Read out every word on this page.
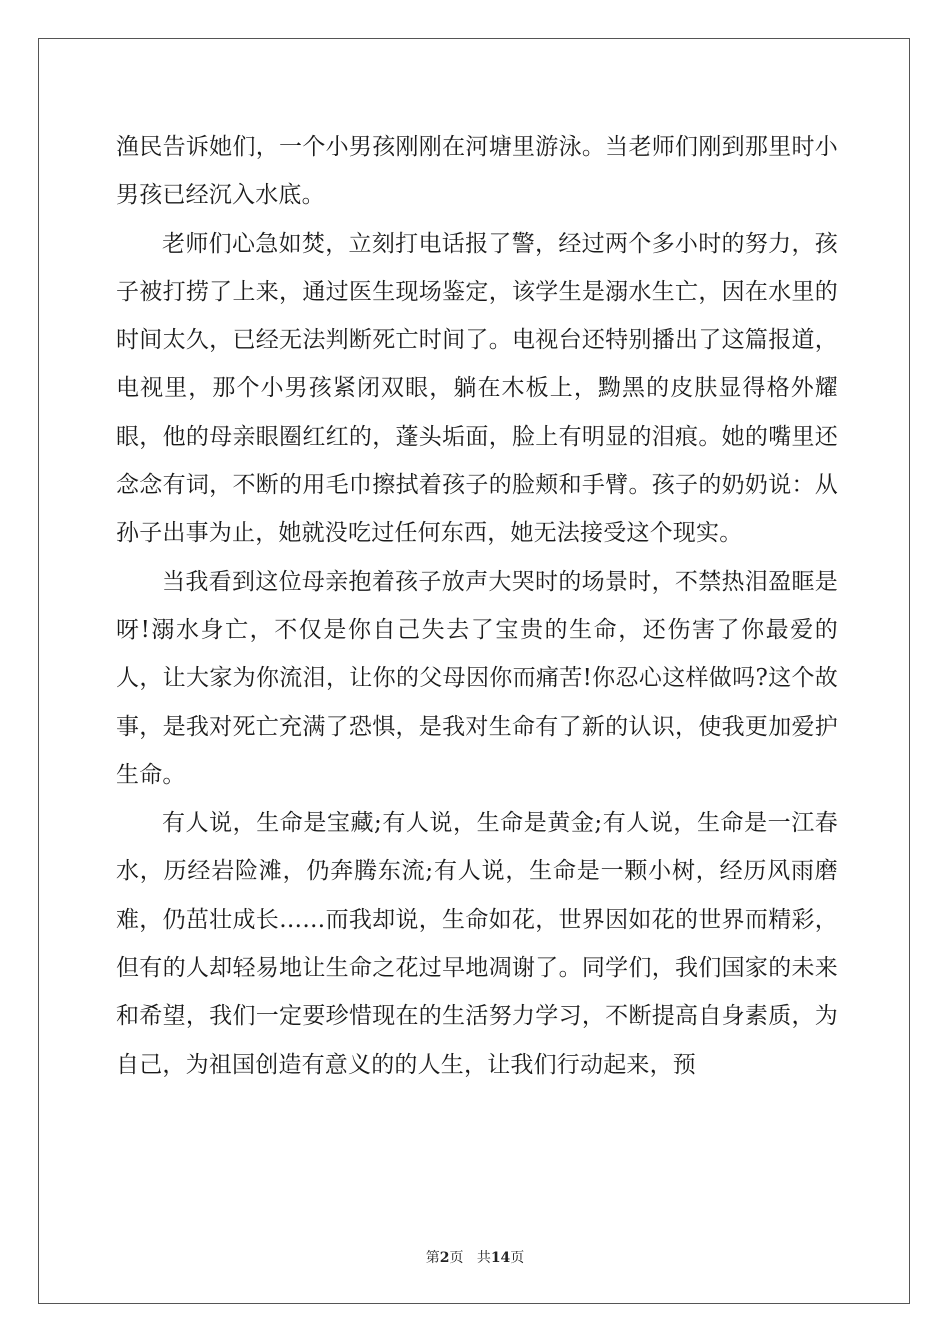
渔民告诉她们，一个小男孩刚刚在河塘里游泳。当老师们刚到那里时小男孩已经沉入水底。

老师们心急如焚，立刻打电话报了警，经过两个多小时的努力，孩子被打捞了上来，通过医生现场鉴定，该学生是溺水生亡，因在水里的时间太久，已经无法判断死亡时间了。电视台还特别播出了这篇报道，电视里，那个小男孩紧闭双眼，躺在木板上，黝黑的皮肤显得格外耀眼，他的母亲眼圈红红的，蓬头垢面，脸上有明显的泪痕。她的嘴里还念念有词，不断的用毛巾擦拭着孩子的脸颊和手臂。孩子的奶奶说：从孙子出事为止，她就没吃过任何东西，她无法接受这个现实。

当我看到这位母亲抱着孩子放声大哭时的场景时，不禁热泪盈眶是呀!溺水身亡，不仅是你自己失去了宝贵的生命，还伤害了你最爱的人，让大家为你流泪，让你的父母因你而痛苦!你忍心这样做吗?这个故事，是我对死亡充满了恐惧，是我对生命有了新的认识，使我更加爱护生命。

有人说，生命是宝藏;有人说，生命是黄金;有人说，生命是一江春水，历经岩险滩，仍奔腾东流;有人说，生命是一颗小树，经历风雨磨难，仍茁壮成长……而我却说，生命如花，世界因如花的世界而精彩，但有的人却轻易地让生命之花过早地凋谢了。同学们，我们国家的未来和希望，我们一定要珍惜现在的生活努力学习，不断提高自身素质，为自己，为祖国创造有意义的的人生，让我们行动起来，预

第2页 共14页
